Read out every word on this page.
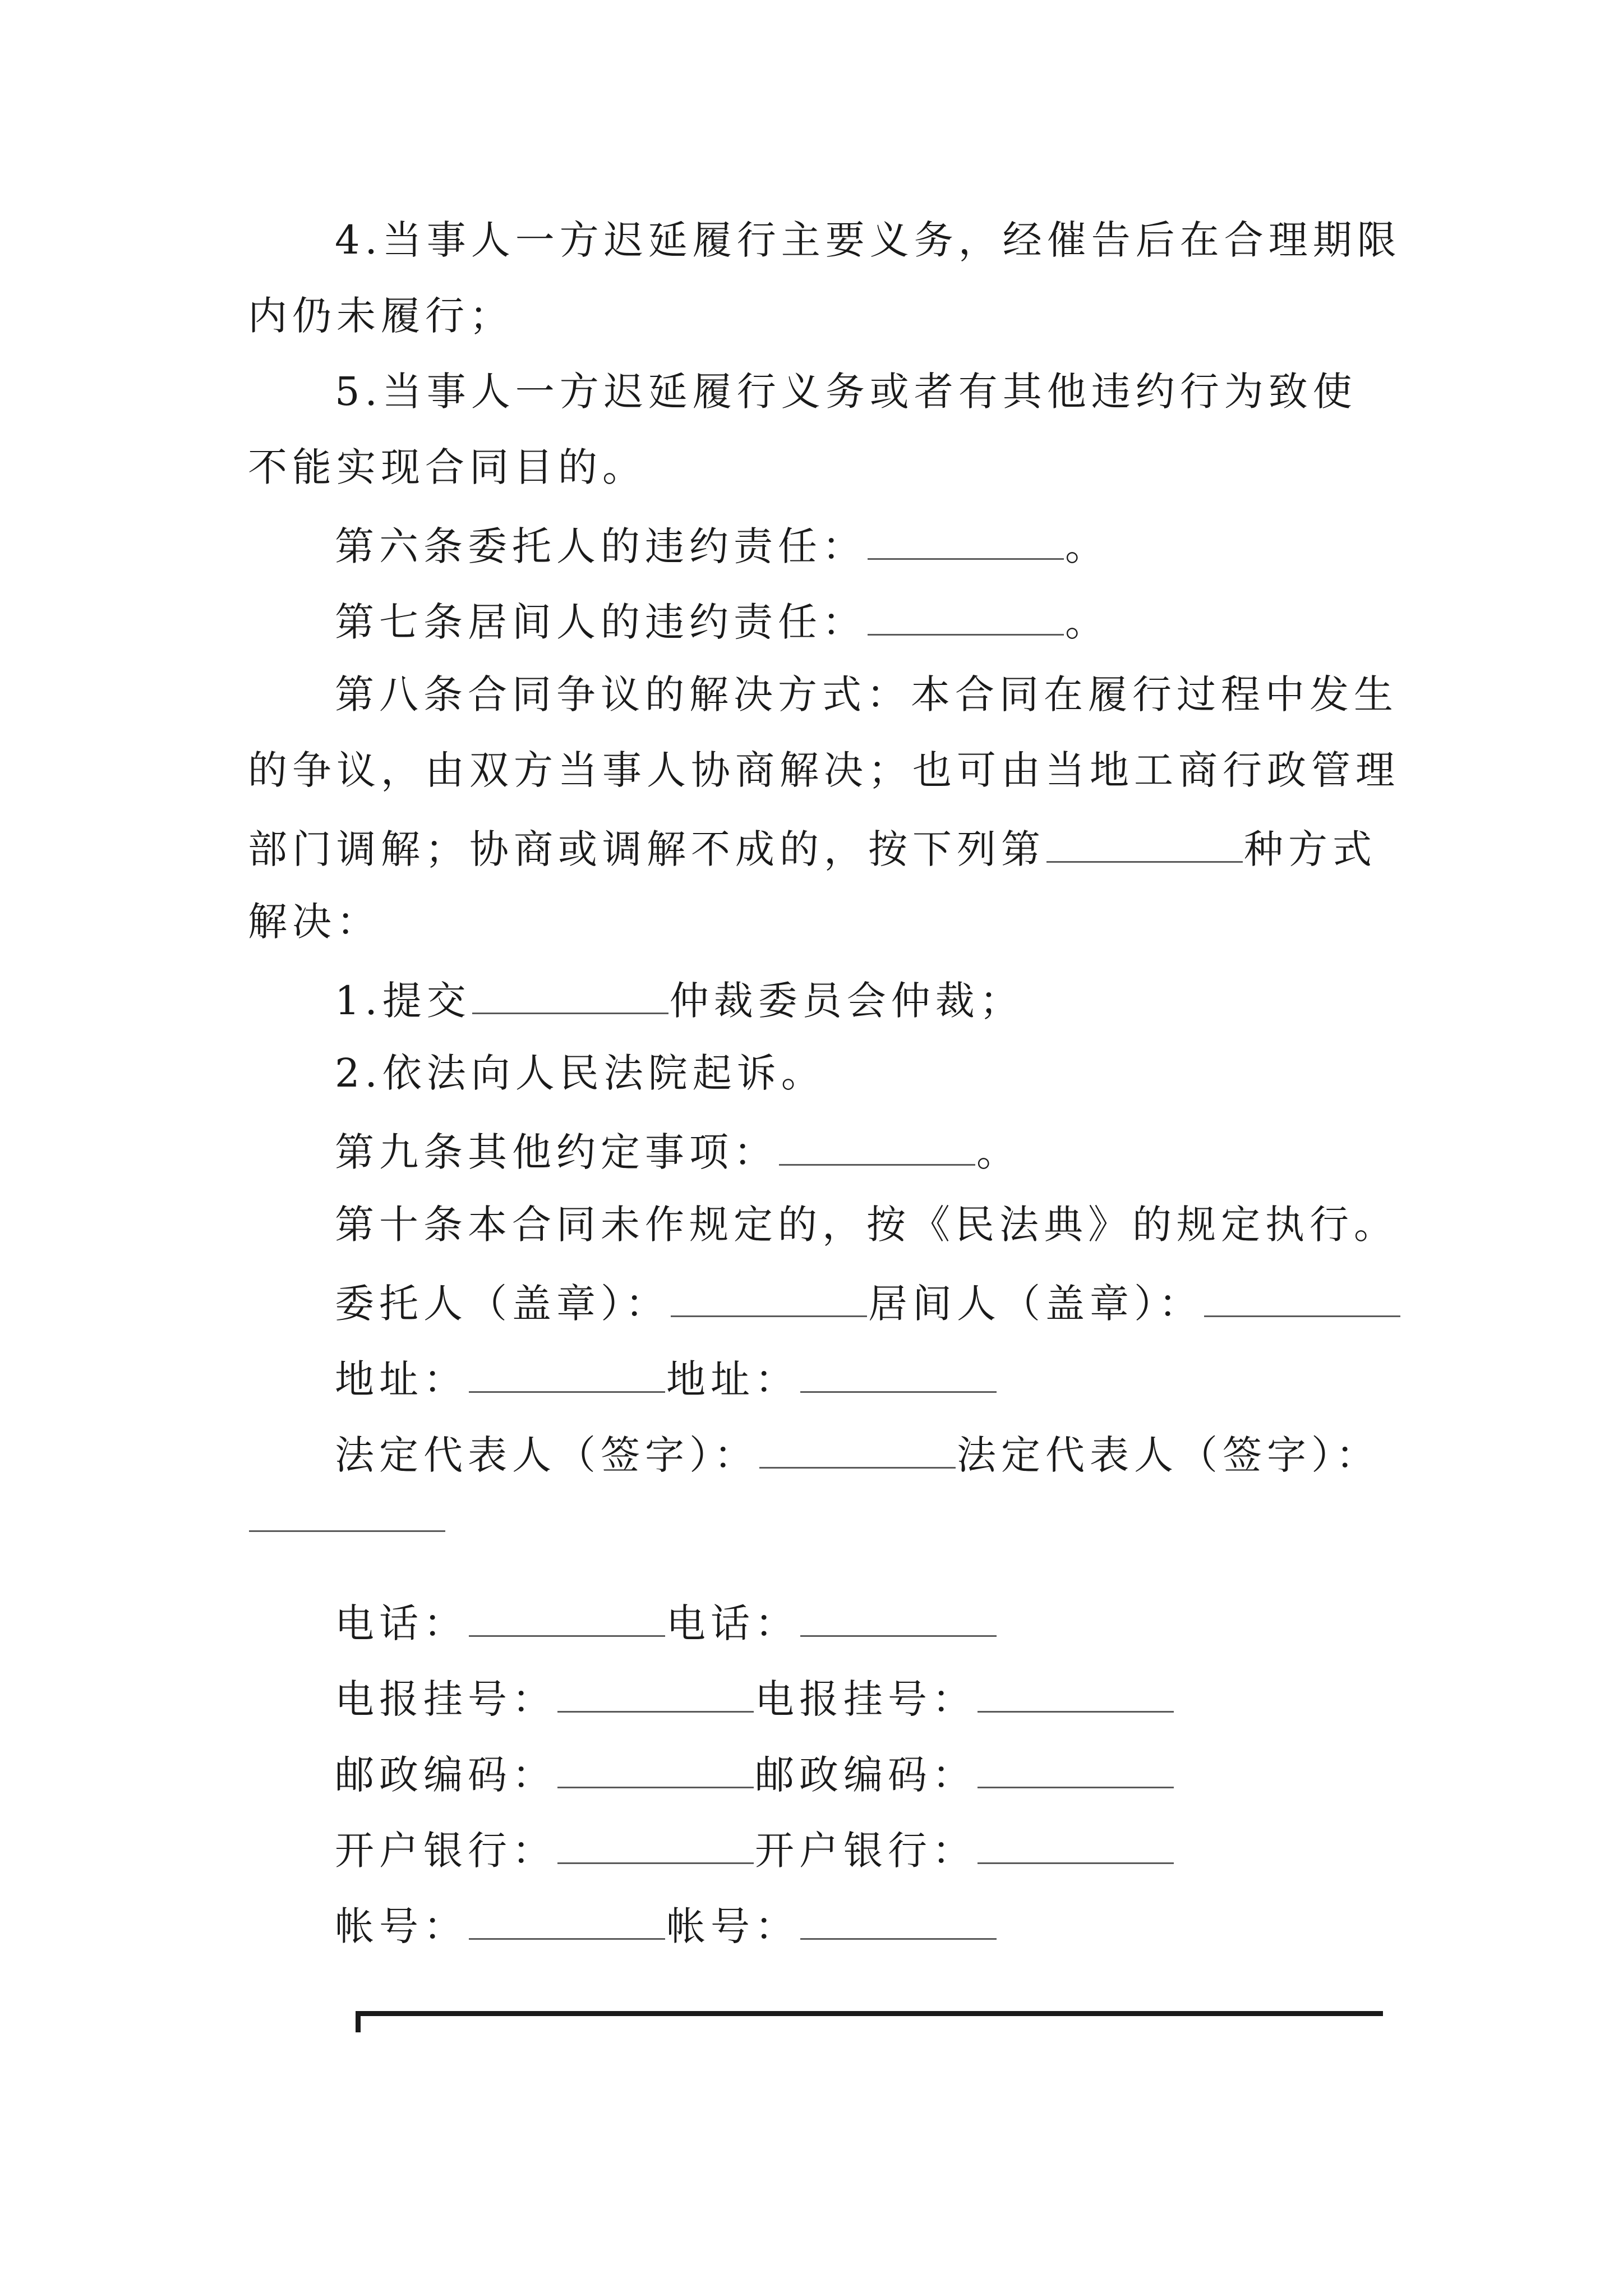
4.当事人一方迟延履行主要义务，经催告后在合理期限
内仍未履行；
5.当事人一方迟延履行义务或者有其他违约行为致使
不能实现合同目的。
第六条委托人的违约责任：	。
第七条居间人的违约责任：	。
第八条合同争议的解决方式：本合同在履行过程中发生
的争议，由双方当事人协商解决；也可由当地工商行政管理
部门调解；协商或调解不成的，按下列第	种方式
解决：
1.提交	仲裁委员会仲裁；
2.依法向人民法院起诉。
第九条其他约定事项：	。
第十条本合同未作规定的，按《民法典》的规定执行。
委托人（盖章）：	居间人（盖章）：
地址：	地址：
法定代表人（签字）：	法定代表人（签字）：
电话：	电话：
电报挂号：	电报挂号：
邮政编码：	邮政编码：
开户银行：	开户银行：
帐号：	帐号：
